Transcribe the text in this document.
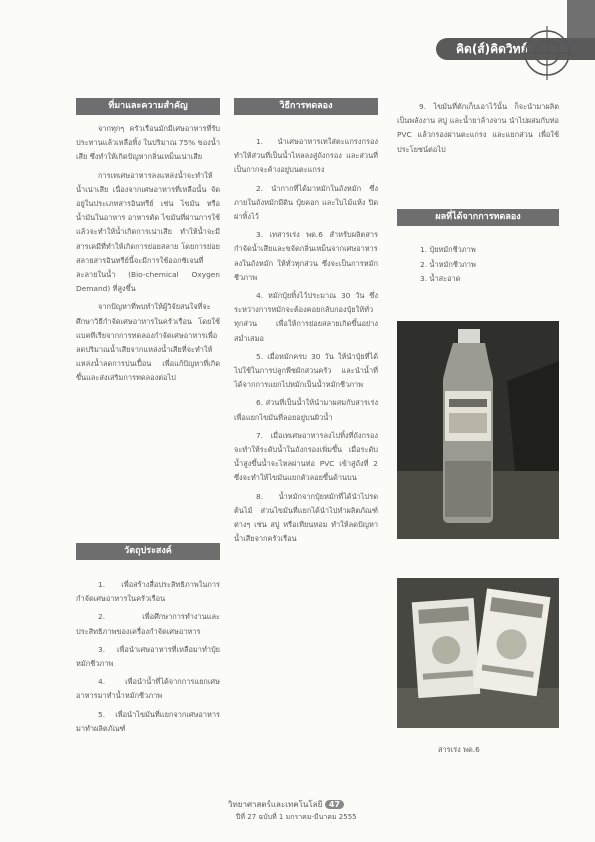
คิด(ส์)คิดวิทย์
ที่มาและความสำคัญ

จากทุกๆ ครัวเรือนมักมีเศษอาหารที่รับประทานแล้วเหลือทิ้ง ในปริมาณ 75% ของน้ำเสีย ซึ่งทำให้เกิดปัญหากลิ่นเหม็นเน่าเสีย

การเทเศษอาหารลงแหล่งน้ำจะทำให้น้ำเน่าเสีย เนื่องจากเศษอาหารที่เหลือนั้น จัดอยู่ในประเภทสารอินทรีย์ เช่น ไขมัน หรือน้ำมันในอาหาร อาหารตัด ไขมันที่ผ่านการใช้แล้วจะทำให้น้ำเกิดการเน่าเสีย ทำให้น้ำจะมีสารเคมีที่ทำให้เกิดการย่อยสลาย โดยการย่อยสลายสารอินทรีย์นี้จะมีการใช้ออกซิเจนที่ละลายในน้ำ (Bio-chemical Oxygen Demand) ที่สูงขึ้น

จากปัญหาที่พบทำให้ผู้วิจัยสนใจที่จะศึกษาวิธีกำจัดเศษอาหารในครัวเรือน โดยใช้แบคทีเรียจากการทดลองกำจัดเศษอาหารเพื่อลดปริมาณน้ำเสียจากแหล่งน้ำเสียที่จะทำให้แหล่งน้ำลดการปนเปื้อน เพื่อแก้ปัญหาที่เกิดขึ้นและส่งเสริมการทดลองต่อไป

วัตถุประสงค์
1. เพื่อสร้างสื่อประสิทธิภาพในการกำจัดเศษอาหารในครัวเรือน
2. เพื่อศึกษาการทำงานและประสิทธิภาพของเครื่องกำจัดเศษอาหาร
3. เพื่อนำเศษอาหารที่เหลือมาทำปุ๋ยหมักชีวภาพ
4. เพื่อนำน้ำที่ได้จากการแยกเศษอาหารมาทำน้ำหมักชีวภาพ
5. เพื่อนำไขมันที่แยกจากเศษอาหารมาทำผลิตภัณฑ์
วิธีการทดลอง
1. นำเศษอาหารเทใส่ตะแกรงกรอง ทำให้ส่วนที่เป็นน้ำไหลลงสู่ถังกรอง และส่วนที่เป็นกากจะค้างอยู่บนตะแกรง
2. นำกากที่ได้มาหมักในถังหมัก ซึ่งภายในถังหมักมีดิน ปุ๋ยคอก และใบไม้แห้ง ปิดฝาทิ้งไว้
3. เทสารเร่ง พด.6 สำหรับผลิตสารกำจัดน้ำเสียและขจัดกลิ่นเหม็นจากเศษอาหาร ลงในถังหมัก ให้ทั่วทุกส่วน ซึ่งจะเป็นการหมักชีวภาพ
4. หมักปุ๋ยทิ้งไว้ประมาณ 30 วัน ซึ่งระหว่างการหมักจะต้องคอยกลับกองปุ๋ยให้ทั่วทุกส่วน เพื่อให้การย่อยสลายเกิดขึ้นอย่างสม่ำเสมอ
5. เมื่อหมักครบ 30 วัน ให้นำปุ๋ยที่ได้ไปใช้ในการปลูกพืชผักสวนครัว และนำน้ำที่ได้จากการแยกไปหมักเป็นน้ำหมักชีวภาพ
6. ส่วนที่เป็นน้ำให้นำมาผสมกับสารเร่ง เพื่อแยกไขมันที่ลอยอยู่บนผิวน้ำ
7. เมื่อเทเศษอาหารลงไปทิ้งที่ถังกรอง จะทำให้ระดับน้ำในถังกรองเพิ่มขึ้น เมื่อระดับน้ำสูงขึ้นน้ำจะไหลผ่านท่อ PVC เข้าสู่ถังที่ 2 ซึ่งจะทำให้ไขมันแยกตัวลอยขึ้นด้านบน
8. น้ำหมักจากปุ๋ยหมักที่ได้นำไปรดต้นไม้ ส่วนไขมันที่แยกได้นำไปทำผลิตภัณฑ์ต่างๆ เช่น สบู่ หรือเทียนหอม ทำให้ลดปัญหาน้ำเสียจากครัวเรือน

9. ไขมันที่ตักเก็บเอาไว้นั้น ก็จะนำมาผลิตเป็นพลังงาน สบู่ และน้ำยาล้างจาน นำไปผสมกับท่อ PVC แล้วกรองผ่านตะแกรง และแยกส่วน เพื่อใช้ประโยชน์ต่อไป

ผลที่ได้จากการทดลอง
1. ปุ๋ยหมักชีวภาพ
2. น้ำหมักชีวภาพ
3. น้ำสะอาด
สารเร่ง พด.6
วิทยาศาสตร์และเทคโนโลยี 47
ปีที่ 27 ฉบับที่ 1 มกราคม-มีนาคม 2555
